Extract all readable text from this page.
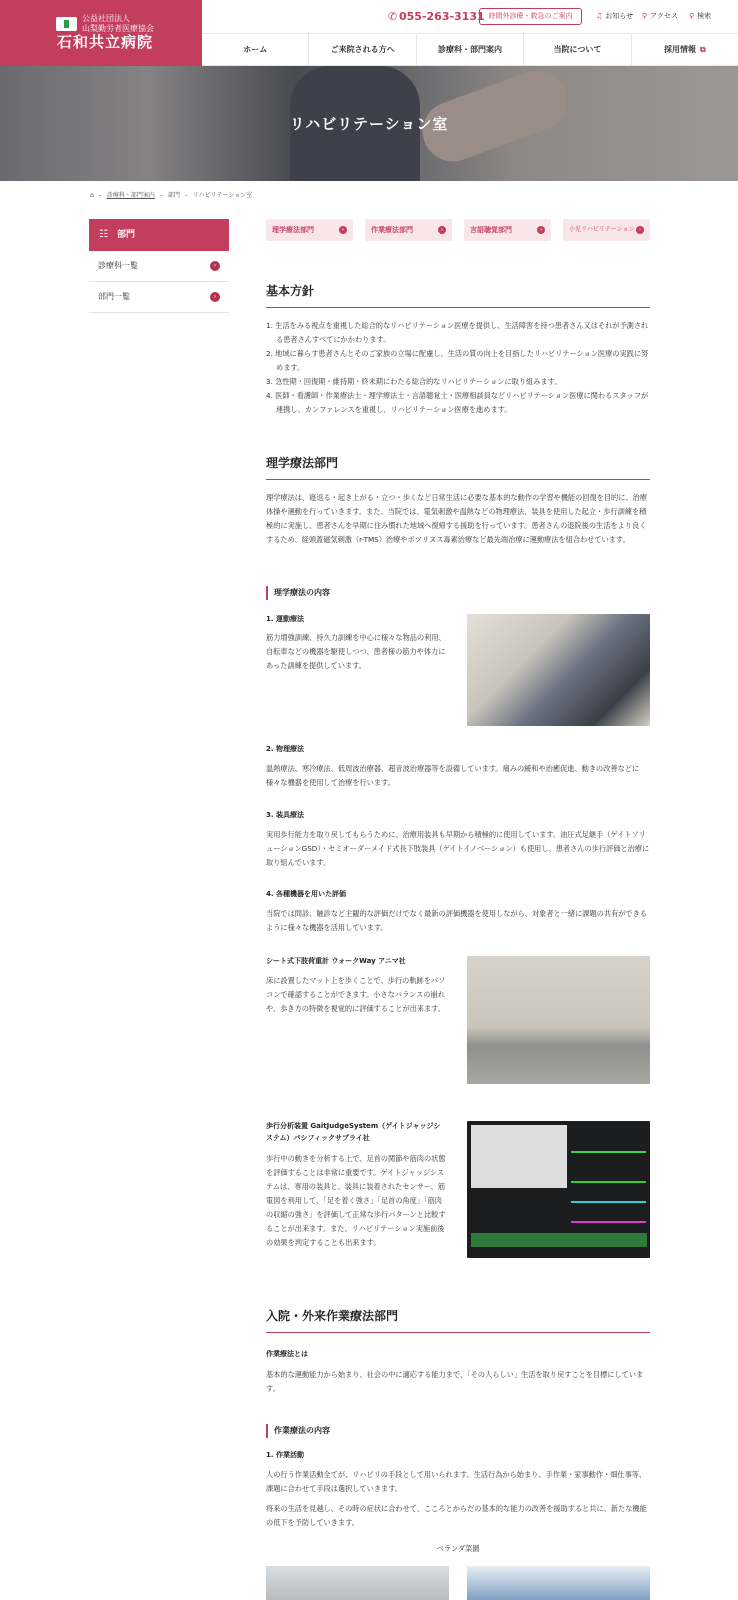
公益社団法人
山梨勤労者医療協会
石和共立病院
✆ 055-263-3131 時間外診療・救急のご案内	♫ お知らせ ⚲ アクセス ⚲ 検索
ホーム	ご来院される方へ	診療科・部門案内	当院について	採用情報 ⧉
リハビリテーション室
⌂ – 診療科・部門案内 – 部門 – リハビリテーション室
☷ 部門
診療科一覧	›
部門一覧	›
理学療法部門	›	作業療法部門	›	言語聴覚部門	›	小児リハビリテーション ›
基本方針
1. 生活をみる視点を重視した総合的なリハビリテーション医療を提供し、生活障害を持つ患者さん又はそれが予測される患者さんすべてにかかわります。
2. 地域に暮らす患者さんとそのご家族の立場に配慮し、生活の質の向上を目指したリハビリテーション医療の実践に努めます。
3. 急性期・回復期・維持期・終末期にわたる総合的なリハビリテーションに取り組みます。
4. 医師・看護師・作業療法士・理学療法士・言語聴覚士・医療相談員などリハビリテーション医療に関わるスタッフが連携し、カンファレンスを重視し、リハビリテーション医療を進めます。
理学療法部門

理学療法は、寝返る・起き上がる・立つ・歩くなど日常生活に必要な基本的な動作の学習や機能の回復を目的に、治療体操や運動を行っていきます。また、当院では、電気刺激や温熱などの物理療法、装具を使用した起立・歩行訓練を積極的に実施し、患者さんを早期に住み慣れた地域へ復帰する援助を行っています。患者さんの退院後の生活をより良くするため、経頭蓋磁気刺激（r-TMS）治療やボツリヌス毒素治療など最先端治療に運動療法を組合わせています。

理学療法の内容
1. 運動療法

筋力増強訓練、持久力訓練を中心に様々な物品の利用、自転車などの機器を駆使しつつ、患者様の筋力や体力にあった訓練を提供しています。

2. 物理療法

温熱療法、寒冷療法、低周波治療器、超音波治療器等を設備しています。痛みの緩和や治癒促進、動きの改善などに様々な機器を使用して治療を行います。

3. 装具療法

実用歩行能力を取り戻してもらうために、治療用装具も早期から積極的に使用しています。油圧式足継手（ゲイトソリューションGSD）・セミオーダーメイド式長下肢装具（ゲイトイノベーション）も使用し、患者さんの歩行評価と治療に取り組んでいます。

4. 各種機器を用いた評価

当院では問診、触診など主観的な評価だけでなく最新の評価機器を使用しながら、対象者と一緒に課題の共有ができるように様々な機器を活用しています。

シート式下肢荷重計 ウォークWay アニマ社

床に設置したマット上を歩くことで、歩行の軌跡をパソコンで確認することができます。小さなバランスの崩れや、歩き方の特徴を視覚的に評価することが出来ます。

歩行分析装置 GaitJudgeSystem（ゲイトジャッジシステム）パシフィックサプライ社

歩行中の動きを分析する上で、足首の関節や筋肉の状態を評価することは非常に重要です。ゲイトジャッジシステムは、専用の装具と、装具に装着されたセンサー、筋電図を利用して、「足を着く強さ」「足首の角度」「筋肉の収縮の強さ」を評価して正常な歩行パターンと比較することが出来ます。また、リハビリテーション実施前後の効果を判定することも出来ます。

入院・外来作業療法部門
作業療法とは

基本的な運動能力から始まり、社会の中に適応する能力まで、「その人らしい」生活を取り戻すことを目標にしています。

作業療法の内容
1. 作業活動

人の行う作業活動全てが、リハビリの手段として用いられます。生活行為から始まり、手作業・家事動作・畑仕事等、課題に合わせて手段は選択していきます。

将来の生活を見越し、その時の症状に合わせて、こころとからだの基本的な能力の改善を援助すると共に、新たな機能の低下を予防していきます。

ベランダ菜園
